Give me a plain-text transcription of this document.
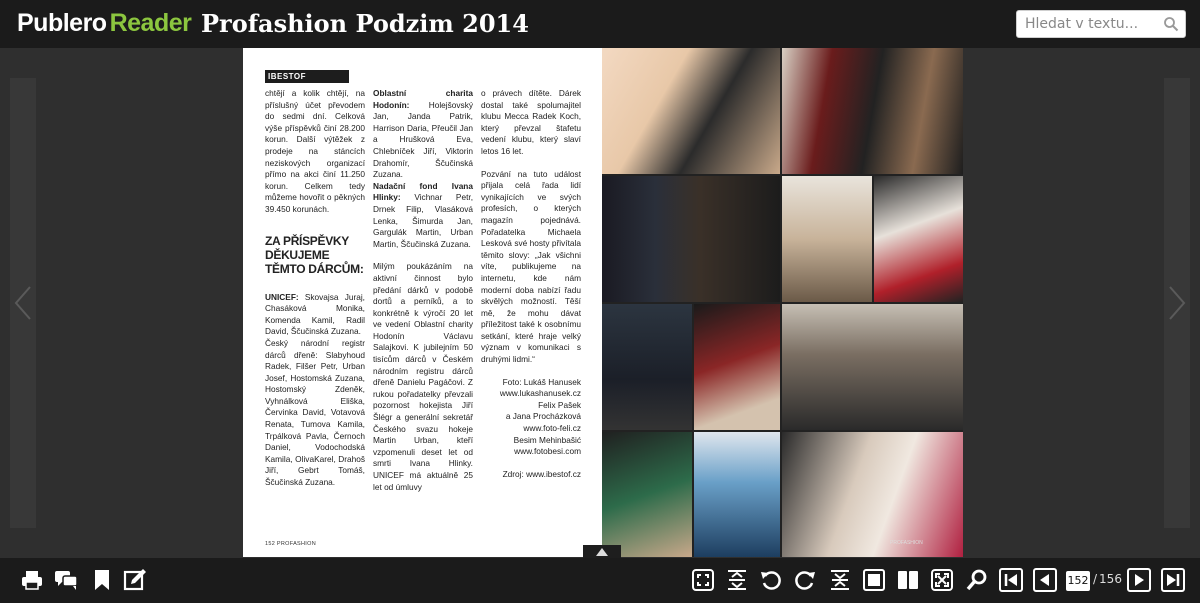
Publero Reader Profashion Podzim 2014
Hledat v textu...
IBESTOF

chtějí a kolik chtějí, na příslušný účet převodem do sedmi dní. Celková výše příspěvků činí 28.200 korun. Další výtěžek z prodeje na stáncích neziskových organizací přímo na akci činí 11.250 korun. Celkem tedy můžeme hovořit o pěkných 39.450 korunách.

ZA PŘÍSPĚVKY DĚKUJEME TĚMTO DÁRCŮM:

UNICEF: Skovajsa Juraj, Chasáková Monika, Komenda Kamil, Radil David, Ščučinská Zuzana.

Český národní registr dárců dřeně: Slabyhoud Radek, Filšer Petr, Urban Josef, Hostomská Zuzana, Hostomský Zdeněk, Vyhnálková Eliška, Červinka David, Votavová Renata, Tumova Kamila, Trpálková Pavla, Černoch Daniel, Vodochodská Kamila, OlivaKarel, Drahoš Jiří, Gebrt Tomáš, Ščučinská Zuzana.

Oblastní charita Hodonín: Holejšovský Jan, Janda Patrik, Harrison Daria, Přeučil Jan a Hrušková Eva, Chlebníček Jiří, Viktorin Drahomír, Ščučinská Zuzana.

Nadační fond Ivana Hlinky: Vichnar Petr, Drnek Filip, Vlasáková Lenka, Šimurda Jan, Gargulák Martin, Urban Martin, Ščučinská Zuzana.

Milým poukázáním na aktivní činnost bylo předání dárků v podobě dortů a perníků, a to konkrétně k výročí 20 let ve vedení Oblastní charity Hodonín Václavu Salajkovi. K jubilejním 50 tisícům dárců v Českém národním registru dárců dřeně Danielu Pagáčovi. Z rukou pořadatelky převzali pozornost hokejista Jiří Šlégr a generální sekretář Českého svazu hokeje Martin Urban, kteří vzpomenuli deset let od smrti Ivana Hlinky. UNICEF má aktuálně 25 let od úmluvy

o právech dítěte. Dárek dostal také spolumajitel klubu Mecca Radek Koch, který převzal štafetu vedení klubu, který slaví letos 16 let.

Pozvání na tuto událost přijala celá řada lidí vynikajících ve svých profesích, o kterých magazín pojednává. Pořadatelka Michaela Lesková své hosty přivítala těmito slovy: „Jak všichni víte, publikujeme na internetu, kde nám moderní doba nabízí řadu skvělých možností. Těší mě, že mohu dávat příležitost také k osobnímu setkání, které hraje velký význam v komunikaci s druhými lidmi.“

Foto: Lukáš Hanusek

www.lukashanusek.cz

Felix Pašek

a Jana Procházková

www.foto-feli.cz

Besim Mehinbašić

www.fotobesi.com

Zdroj: www.ibestof.cz

152 PROFASHION	PROFASHION
152 / 156
